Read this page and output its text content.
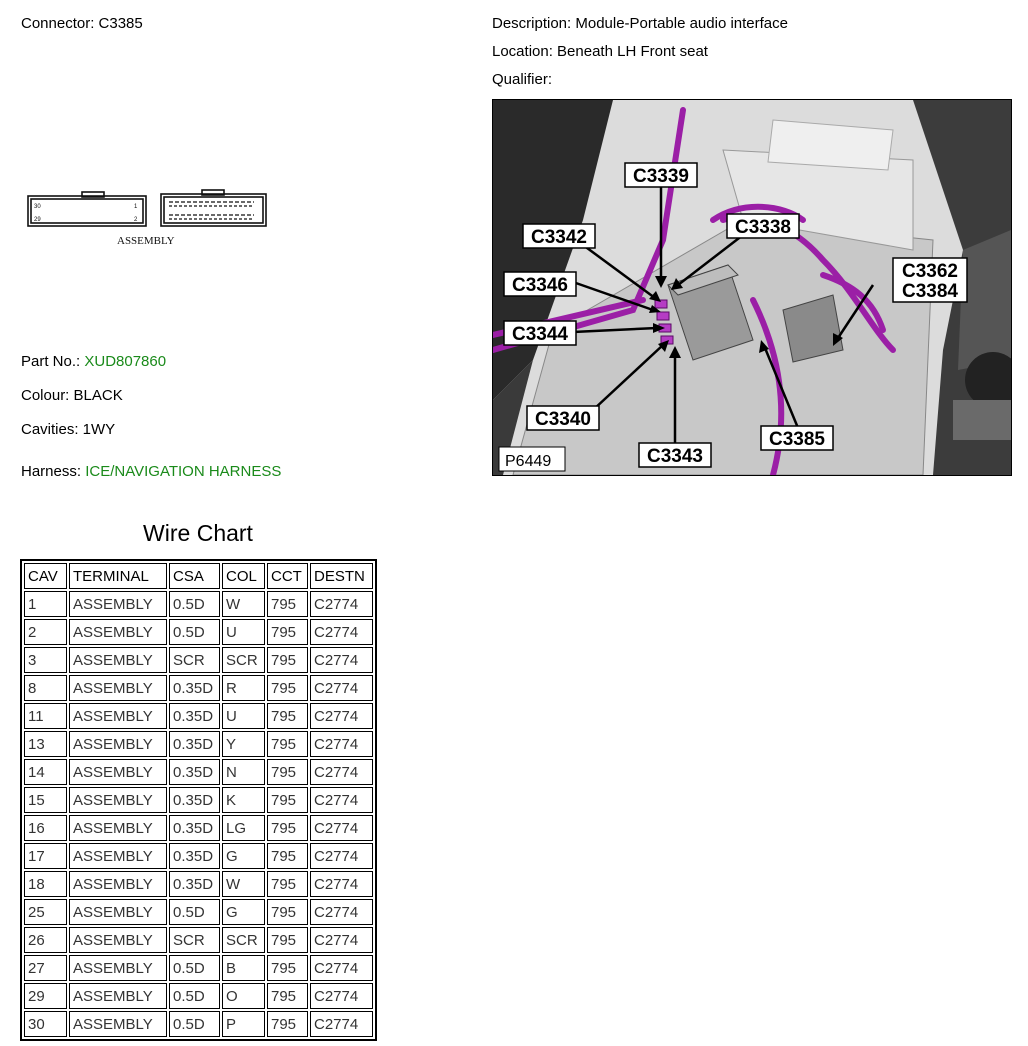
Connector: C3385	Description: Module-Portable audio interface
Location: Beneath LH Front seat
Qualifier:
30	1
29	2
ASSEMBLY
Part No.: XUD807860
Colour: BLACK
Cavities: 1WY
Harness: ICE/NAVIGATION HARNESS
C3339
C3338
C3342
C3346
C3344
C3362
C3384
C3340
C3343
C3385
P6449
Wire Chart
CAV	TERMINAL	CSA	COL	CCT	DESTN
1	ASSEMBLY	0.5D	W	795	C2774
2	ASSEMBLY	0.5D	U	795	C2774
3	ASSEMBLY	SCR	SCR	795	C2774
8	ASSEMBLY	0.35D	R	795	C2774
11	ASSEMBLY	0.35D	U	795	C2774
13	ASSEMBLY	0.35D	Y	795	C2774
14	ASSEMBLY	0.35D	N	795	C2774
15	ASSEMBLY	0.35D	K	795	C2774
16	ASSEMBLY	0.35D	LG	795	C2774
17	ASSEMBLY	0.35D	G	795	C2774
18	ASSEMBLY	0.35D	W	795	C2774
25	ASSEMBLY	0.5D	G	795	C2774
26	ASSEMBLY	SCR	SCR	795	C2774
27	ASSEMBLY	0.5D	B	795	C2774
29	ASSEMBLY	0.5D	O	795	C2774
30	ASSEMBLY	0.5D	P	795	C2774
